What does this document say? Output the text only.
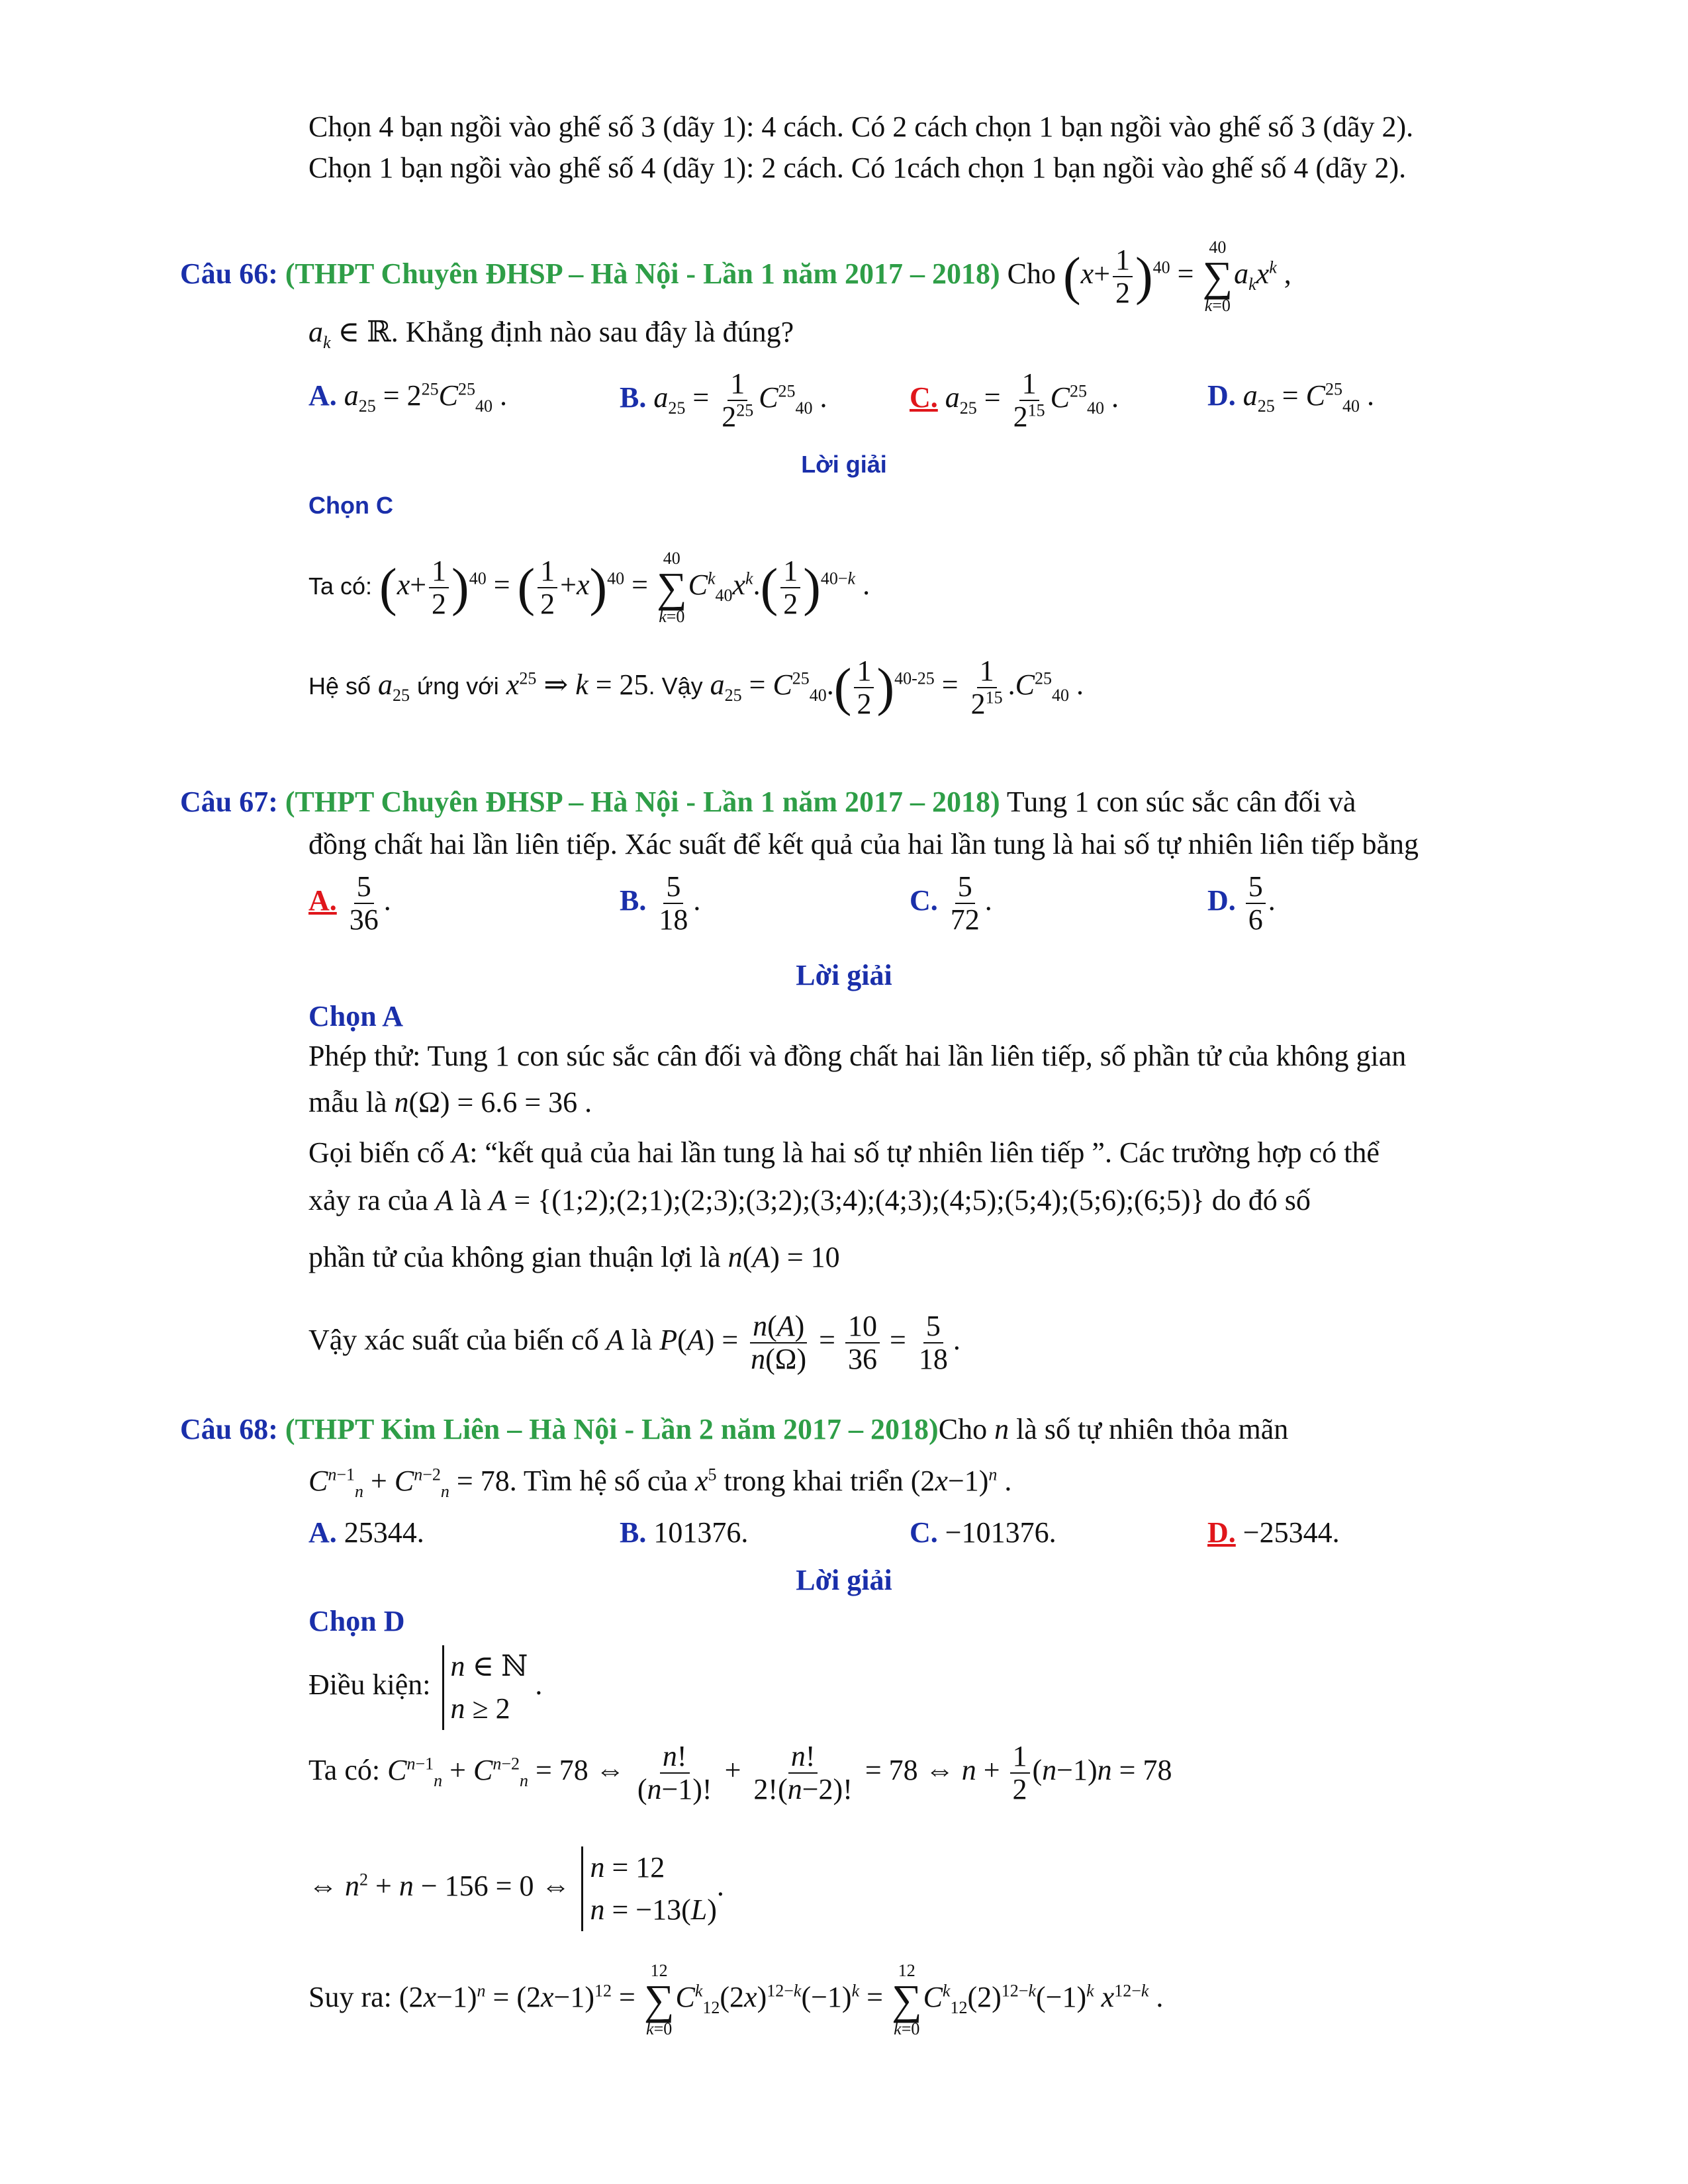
Chọn 4 bạn ngồi vào ghế số 3 (dãy 1): 4 cách. Có 2 cách chọn 1 bạn ngồi vào ghế số 3 (dãy 2).
Chọn 1 bạn ngồi vào ghế số 4 (dãy 1): 2 cách. Có 1cách chọn 1 bạn ngồi vào ghế số 4 (dãy 2).
Câu 66: (THPT Chuyên ĐHSP – Hà Nội - Lần 1 năm 2017 – 2018) Cho $(x+ \frac{1}{2} )^{40}$ =
40
∑
k=0
$a_kx^k$ ,
$a_k$ ∈ ℝ. Khẳng định nào sau đây là đúng?
A. $a_{25} = 2^{25}C^{25}_{40}$ .	B. $a_{25} = \frac{1}{2^{25}} C^{25}_{40}$ .	C. $a_{25} = \frac{1}{2^{15}} C^{25}_{40}$ .	D. $a_{25} = C^{25}_{40}$ .
Lời giải
Chọn C
Ta có: $(x+ \frac{1}{2} )^{40}$ = ( $\frac{1}{2} +x)^{40}$ =
40
∑
k=0
$C^k_{40}x^k.( \frac{1}{2} )^{40-k}$ .
Hệ số $a_{25}$ ứng với $x^{25}$ ⇒ k = 25. Vậy $a_{25} = C^{25}_{40}.( \frac{1}{2} )^{40-25} = \frac{1}{2^{15}} .C^{25}_{40}$ .
Câu 67: (THPT Chuyên ĐHSP – Hà Nội - Lần 1 năm 2017 – 2018) Tung 1 con súc sắc cân đối và
đồng chất hai lần liên tiếp. Xác suất để kết quả của hai lần tung là hai số tự nhiên liên tiếp bằng
A. $\frac{5}{36}$ .	B. $\frac{5}{18}$ .	C. $\frac{5}{72}$ .	D. $\frac{5}{6}$ .
Lời giải
Chọn A
Phép thử: Tung 1 con súc sắc cân đối và đồng chất hai lần liên tiếp, số phần tử của không gian
mẫu là n(Ω) = 6.6 = 36 .
Gọi biến cố A: “kết quả của hai lần tung là hai số tự nhiên liên tiếp ”. Các trường hợp có thể
xảy ra của A là A = {(1;2);(2;1);(2;3);(3;2);(3;4);(4;3);(4;5);(5;4);(5;6);(6;5)} do đó số
phần tử của không gian thuận lợi là n(A) = 10
Vậy xác suất của biến cố A là $P(A) = \frac{n(A)}{n(\Omega)} = \frac{10}{36} = \frac{5}{18}$ .
Câu 68: (THPT Kim Liên – Hà Nội - Lần 2 năm 2017 – 2018)Cho n là số tự nhiên thỏa mãn
$C^{n-1}_n + C^{n-2}_n = 78$. Tìm hệ số của $x^5$ trong khai triển $(2x-1)^n$ .
A. 25344.	B. 101376.	C. −101376.	D. −25344.
Lời giải
Chọn D
Điều kiện:
n ∈ ℕ
n ≥ 2
.
Ta có: $C^{n-1}_n + C^{n-2}_n = 78$ ⇔ $\frac{n!}{(n-1)!} + \frac{n!}{2!(n-2)!} = 78$ ⇔ $n + \frac{1}{2} (n-1)n = 78$
⇔ $n^2 + n - 156 = 0$ ⇔
n = 12
n = −13(L)
.
Suy ra: $(2x-1)^n = (2x-1)^{12}$ =
12
∑
k=0
$C^k_{12}(2x)^{12-k}(-1)^k$ =
12
∑
k=0
$C^k_{12}(2)^{12-k}(-1)^k$ $x^{12-k}$ .
